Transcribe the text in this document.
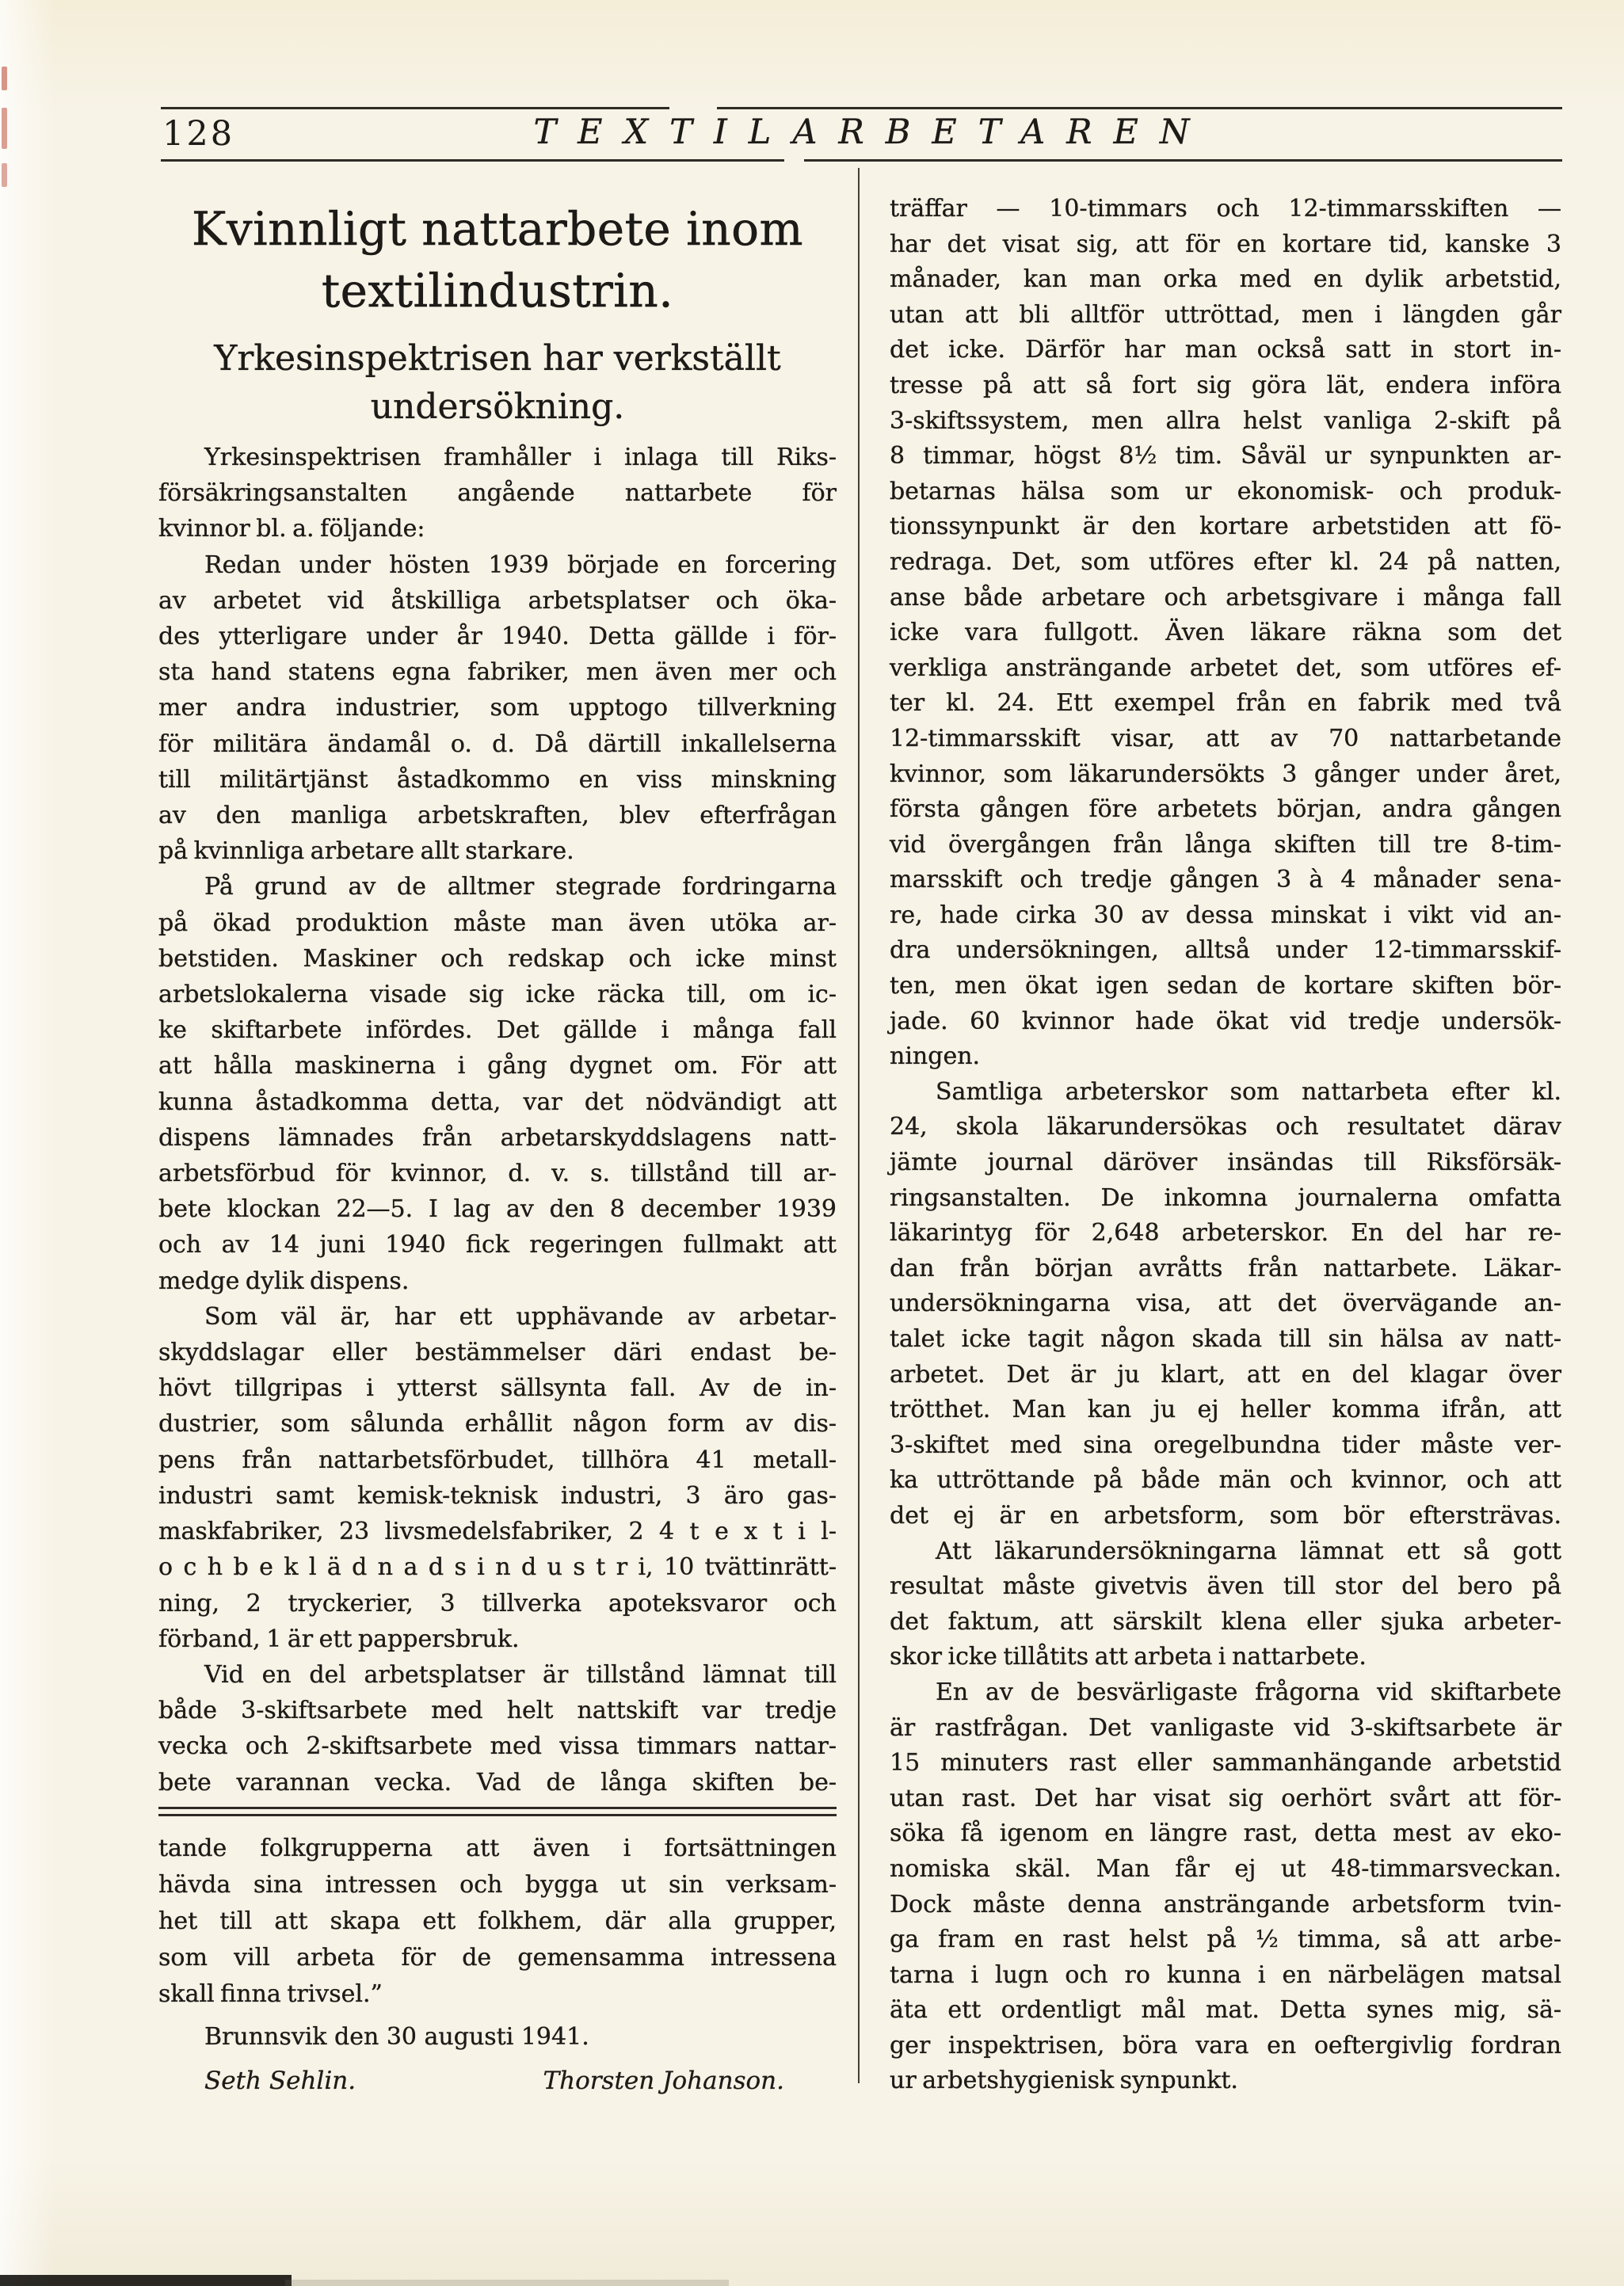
128	TEXTILARBETAREN
Kvinnligt nattarbete inom
textilindustrin.
Yrkesinspektrisen har verkställt
undersökning.
Yrkesinspektrisen framhåller i inlaga till Riks-
försäkringsanstalten angående nattarbete för
kvinnor bl. a. följande:
Redan under hösten 1939 började en forcering
av arbetet vid åtskilliga arbetsplatser och öka-
des ytterligare under år 1940. Detta gällde i för-
sta hand statens egna fabriker, men även mer och
mer andra industrier, som upptogo tillverkning
för militära ändamål o. d. Då därtill inkallelserna
till militärtjänst åstadkommo en viss minskning
av den manliga arbetskraften, blev efterfrågan
på kvinnliga arbetare allt starkare.
På grund av de alltmer stegrade fordringarna
på ökad produktion måste man även utöka ar-
betstiden. Maskiner och redskap och icke minst
arbetslokalerna visade sig icke räcka till, om ic-
ke skiftarbete infördes. Det gällde i många fall
att hålla maskinerna i gång dygnet om. För att
kunna åstadkomma detta, var det nödvändigt att
dispens lämnades från arbetarskyddslagens natt-
arbetsförbud för kvinnor, d. v. s. tillstånd till ar-
bete klockan 22—5. I lag av den 8 december 1939
och av 14 juni 1940 fick regeringen fullmakt att
medge dylik dispens.
Som väl är, har ett upphävande av arbetar-
skyddslagar eller bestämmelser däri endast be-
hövt tillgripas i ytterst sällsynta fall. Av de in-
dustrier, som sålunda erhållit någon form av dis-
pens från nattarbetsförbudet, tillhöra 41 metall-
industri samt kemisk-teknisk industri, 3 äro gas-
maskfabriker, 23 livsmedelsfabriker, 2 4 t e x t i l-
o c h b e k l ä d n a d s i n d u s t r i, 10 tvättinrätt-
ning, 2 tryckerier, 3 tillverka apoteksvaror och
förband, 1 är ett pappersbruk.
Vid en del arbetsplatser är tillstånd lämnat till
både 3-skiftsarbete med helt nattskift var tredje
vecka och 2-skiftsarbete med vissa timmars nattar-
bete varannan vecka. Vad de långa skiften be-
tande folkgrupperna att även i fortsättningen
hävda sina intressen och bygga ut sin verksam-
het till att skapa ett folkhem, där alla grupper,
som vill arbeta för de gemensamma intressena
skall finna trivsel.”
Brunnsvik den 30 augusti 1941.
Seth Sehlin.	Thorsten Johanson.
träffar — 10-timmars och 12-timmarsskiften —
har det visat sig, att för en kortare tid, kanske 3
månader, kan man orka med en dylik arbetstid,
utan att bli alltför uttröttad, men i längden går
det icke. Därför har man också satt in stort in-
tresse på att så fort sig göra lät, endera införa
3-skiftssystem, men allra helst vanliga 2-skift på
8 timmar, högst 8½ tim. Såväl ur synpunkten ar-
betarnas hälsa som ur ekonomisk- och produk-
tionssynpunkt är den kortare arbetstiden att fö-
redraga. Det, som utföres efter kl. 24 på natten,
anse både arbetare och arbetsgivare i många fall
icke vara fullgott. Även läkare räkna som det
verkliga ansträngande arbetet det, som utföres ef-
ter kl. 24. Ett exempel från en fabrik med två
12-timmarsskift visar, att av 70 nattarbetande
kvinnor, som läkarundersökts 3 gånger under året,
första gången före arbetets början, andra gången
vid övergången från långa skiften till tre 8-tim-
marsskift och tredje gången 3 à 4 månader sena-
re, hade cirka 30 av dessa minskat i vikt vid an-
dra undersökningen, alltså under 12-timmarsskif-
ten, men ökat igen sedan de kortare skiften bör-
jade. 60 kvinnor hade ökat vid tredje undersök-
ningen.
Samtliga arbeterskor som nattarbeta efter kl.
24, skola läkarundersökas och resultatet därav
jämte journal däröver insändas till Riksförsäk-
ringsanstalten. De inkomna journalerna omfatta
läkarintyg för 2,648 arbeterskor. En del har re-
dan från början avråtts från nattarbete. Läkar-
undersökningarna visa, att det övervägande an-
talet icke tagit någon skada till sin hälsa av natt-
arbetet. Det är ju klart, att en del klagar över
trötthet. Man kan ju ej heller komma ifrån, att
3-skiftet med sina oregelbundna tider måste ver-
ka uttröttande på både män och kvinnor, och att
det ej är en arbetsform, som bör eftersträvas.
Att läkarundersökningarna lämnat ett så gott
resultat måste givetvis även till stor del bero på
det faktum, att särskilt klena eller sjuka arbeter-
skor icke tillåtits att arbeta i nattarbete.
En av de besvärligaste frågorna vid skiftarbete
är rastfrågan. Det vanligaste vid 3-skiftsarbete är
15 minuters rast eller sammanhängande arbetstid
utan rast. Det har visat sig oerhört svårt att för-
söka få igenom en längre rast, detta mest av eko-
nomiska skäl. Man får ej ut 48-timmarsveckan.
Dock måste denna ansträngande arbetsform tvin-
ga fram en rast helst på ½ timma, så att arbe-
tarna i lugn och ro kunna i en närbelägen matsal
äta ett ordentligt mål mat. Detta synes mig, sä-
ger inspektrisen, böra vara en oeftergivlig fordran
ur arbetshygienisk synpunkt.
